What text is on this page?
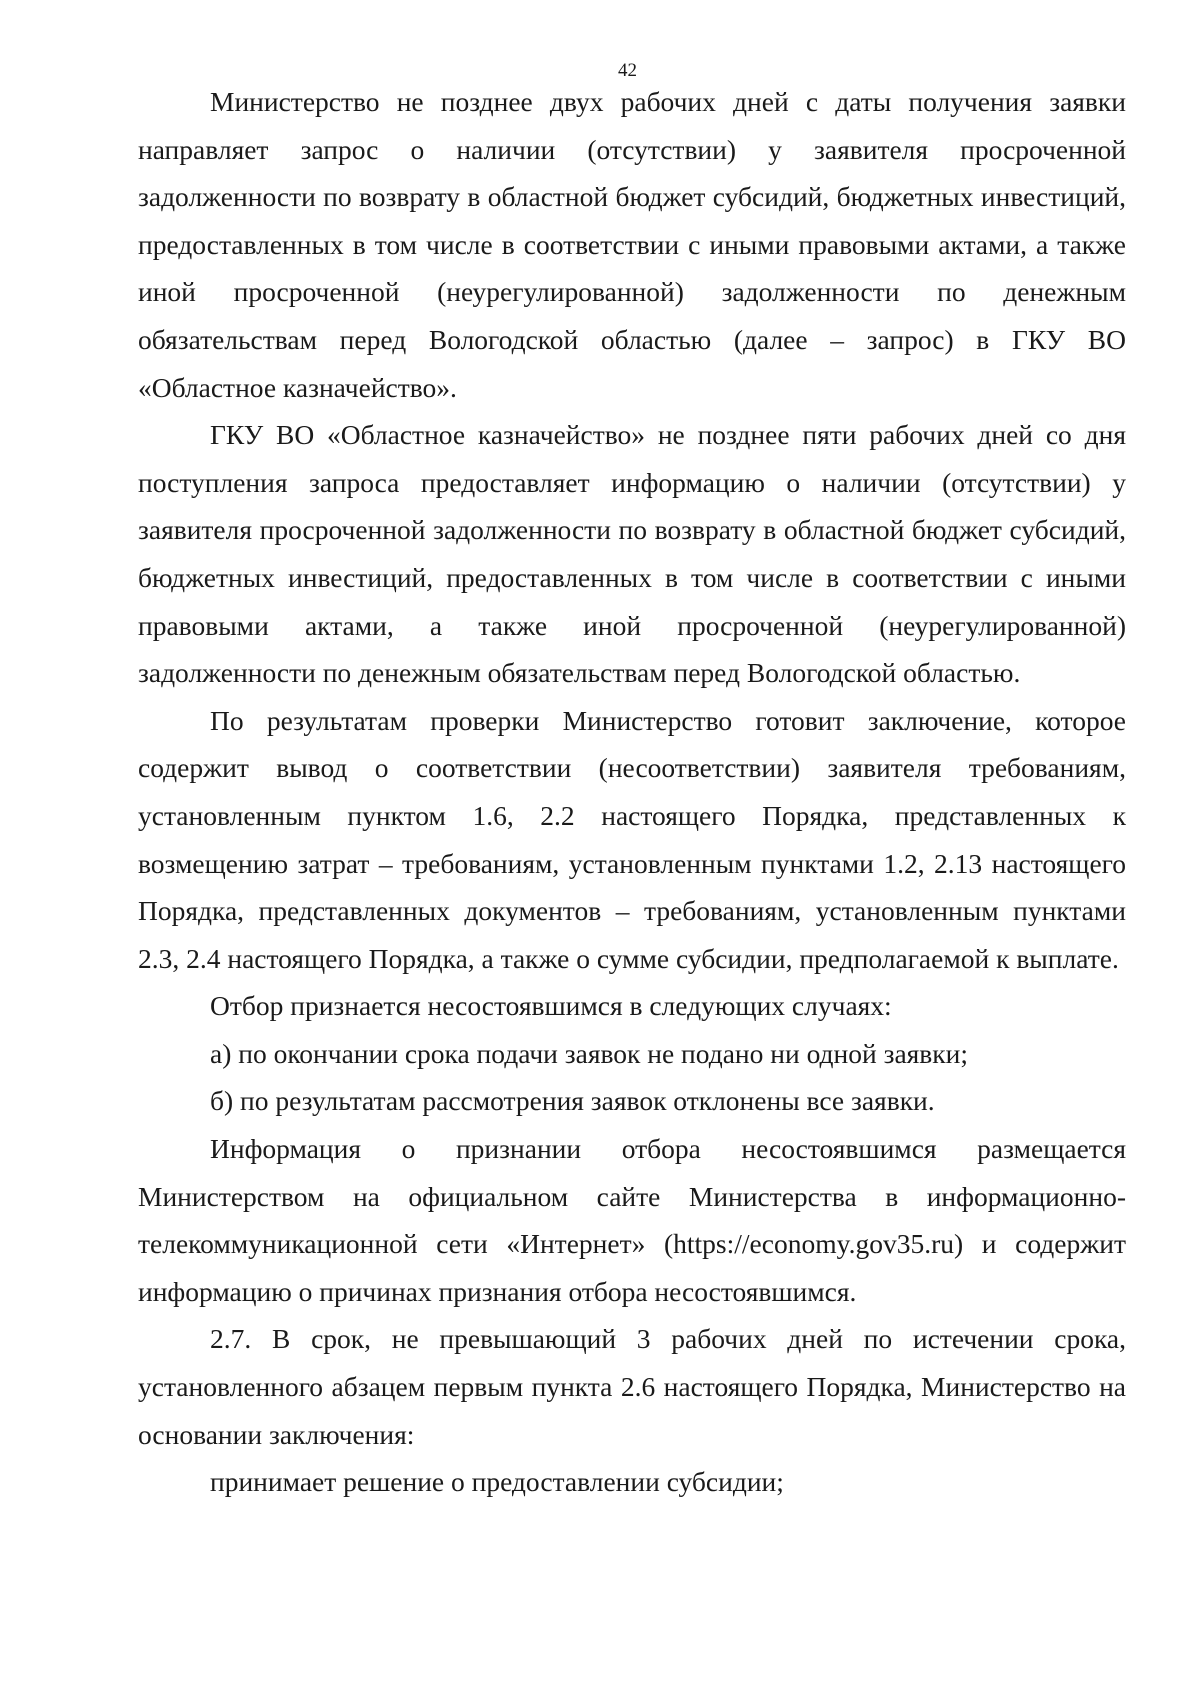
42

Министерство не позднее двух рабочих дней с даты получения заявки направляет запрос о наличии (отсутствии) у заявителя просроченной задолженности по возврату в областной бюджет субсидий, бюджетных инвестиций, предоставленных в том числе в соответствии с иными правовыми актами, а также иной просроченной (неурегулированной) задолженности по денежным обязательствам перед Вологодской областью (далее – запрос) в ГКУ ВО «Областное казначейство».

ГКУ ВО «Областное казначейство» не позднее пяти рабочих дней со дня поступления запроса предоставляет информацию о наличии (отсутствии) у заявителя просроченной задолженности по возврату в областной бюджет субсидий, бюджетных инвестиций, предоставленных в том числе в соответствии с иными правовыми актами, а также иной просроченной (неурегулированной) задолженности по денежным обязательствам перед Вологодской областью.

По результатам проверки Министерство готовит заключение, которое содержит вывод о соответствии (несоответствии) заявителя требованиям, установленным пунктом 1.6, 2.2 настоящего Порядка, представленных к возмещению затрат – требованиям, установленным пунктами 1.2, 2.13 настоящего Порядка, представленных документов – требованиям, установленным пунктами 2.3, 2.4 настоящего Порядка, а также о сумме субсидии, предполагаемой к выплате.

Отбор признается несостоявшимся в следующих случаях:

а) по окончании срока подачи заявок не подано ни одной заявки;

б) по результатам рассмотрения заявок отклонены все заявки.

Информация о признании отбора несостоявшимся размещается Министерством на официальном сайте Министерства в информационно-телекоммуникационной сети «Интернет» (https://economy.gov35.ru) и содержит информацию о причинах признания отбора несостоявшимся.

2.7. В срок, не превышающий 3 рабочих дней по истечении срока, установленного абзацем первым пункта 2.6 настоящего Порядка, Министерство на основании заключения:

принимает решение о предоставлении субсидии;
